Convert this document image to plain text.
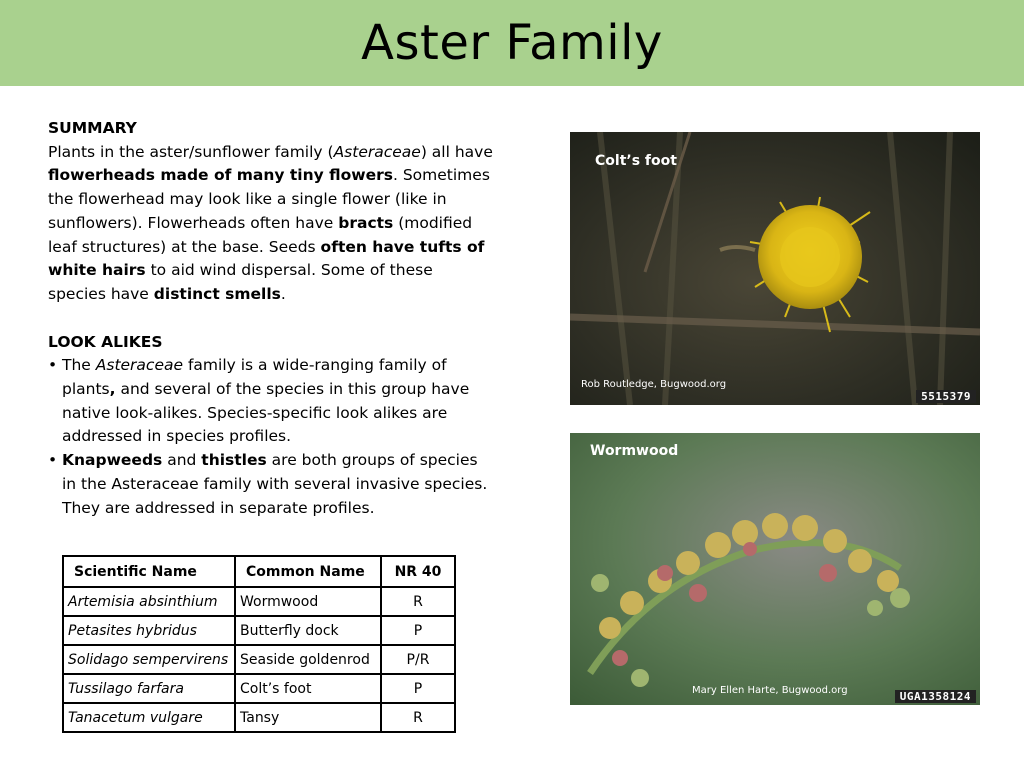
Aster Family
SUMMARY

Plants in the aster/sunflower family (Asteraceae) all have flowerheads made of many tiny flowers. Sometimes the flowerhead may look like a single flower (like in sunflowers). Flowerheads often have bracts (modified leaf structures) at the base. Seeds often have tufts of white hairs to aid wind dispersal. Some of these species have distinct smells.

LOOK ALIKES
• The Asteraceae family is a wide-ranging family of plants, and several of the species in this group have native look-alikes. Species-specific look alikes are addressed in species profiles.
• Knapweeds and thistles are both groups of species in the Asteraceae family with several invasive species. They are addressed in separate profiles.
Scientific Name	Common Name	NR 40
Artemisia absinthium	Wormwood	R
Petasites hybridus	Butterfly dock	P
Solidago sempervirens	Seaside goldenrod	P/R
Tussilago farfara	Colt’s foot	P
Tanacetum vulgare	Tansy	R
Colt’s foot
Rob Routledge, Bugwood.org
5515379
Wormwood
Mary Ellen Harte, Bugwood.org	UGA1358124
